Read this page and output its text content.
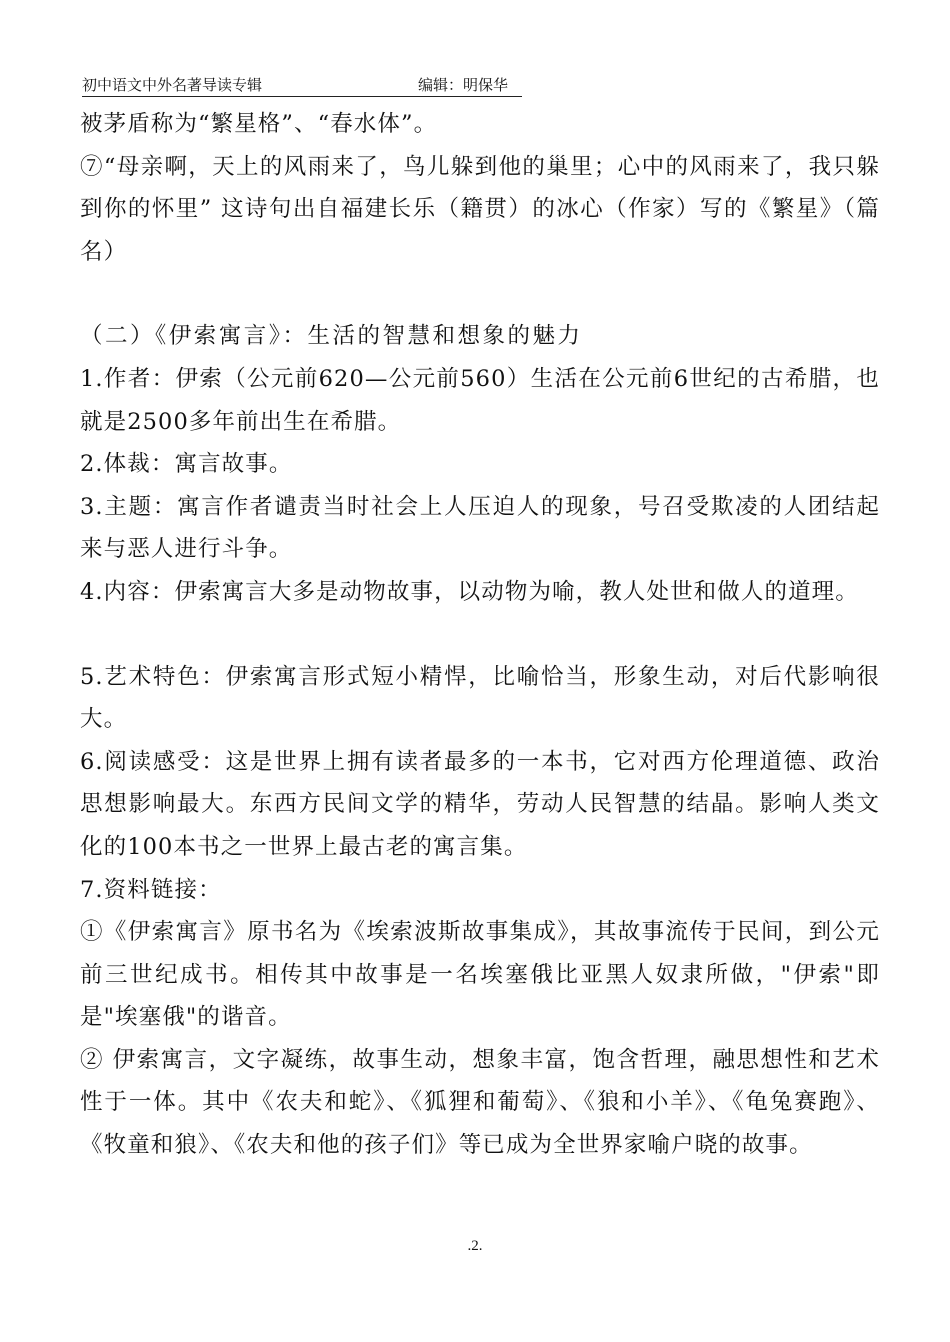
初中语文中外名著导读专辑	编辑：明保华

被茅盾称为“繁星格”、“春水体”。

⑦“母亲啊，天上的风雨来了，鸟儿躲到他的巢里；心中的风雨来了，我只躲到你的怀里” 这诗句出自福建长乐（籍贯）的冰心（作家）写的《繁星》（篇名）

（二）《伊索寓言》：生活的智慧和想象的魅力

1.作者：伊索（公元前620—公元前560）生活在公元前6世纪的古希腊，也就是2500多年前出生在希腊。

2.体裁：寓言故事。

3.主题：寓言作者谴责当时社会上人压迫人的现象，号召受欺凌的人团结起来与恶人进行斗争。

4.内容：伊索寓言大多是动物故事，以动物为喻，教人处世和做人的道理。

5.艺术特色：伊索寓言形式短小精悍，比喻恰当，形象生动，对后代影响很大。

6.阅读感受：这是世界上拥有读者最多的一本书，它对西方伦理道德、政治思想影响最大。东西方民间文学的精华，劳动人民智慧的结晶。影响人类文化的100本书之一世界上最古老的寓言集。

7.资料链接：

①《伊索寓言》原书名为《埃索波斯故事集成》，其故事流传于民间，到公元前三世纪成书。相传其中故事是一名埃塞俄比亚黑人奴隶所做，"伊索"即是"埃塞俄"的谐音。

② 伊索寓言，文字凝练，故事生动，想象丰富，饱含哲理，融思想性和艺术性于一体。其中《农夫和蛇》、《狐狸和葡萄》、《狼和小羊》、《龟兔赛跑》、《牧童和狼》、《农夫和他的孩子们》等已成为全世界家喻户晓的故事。

.2.
